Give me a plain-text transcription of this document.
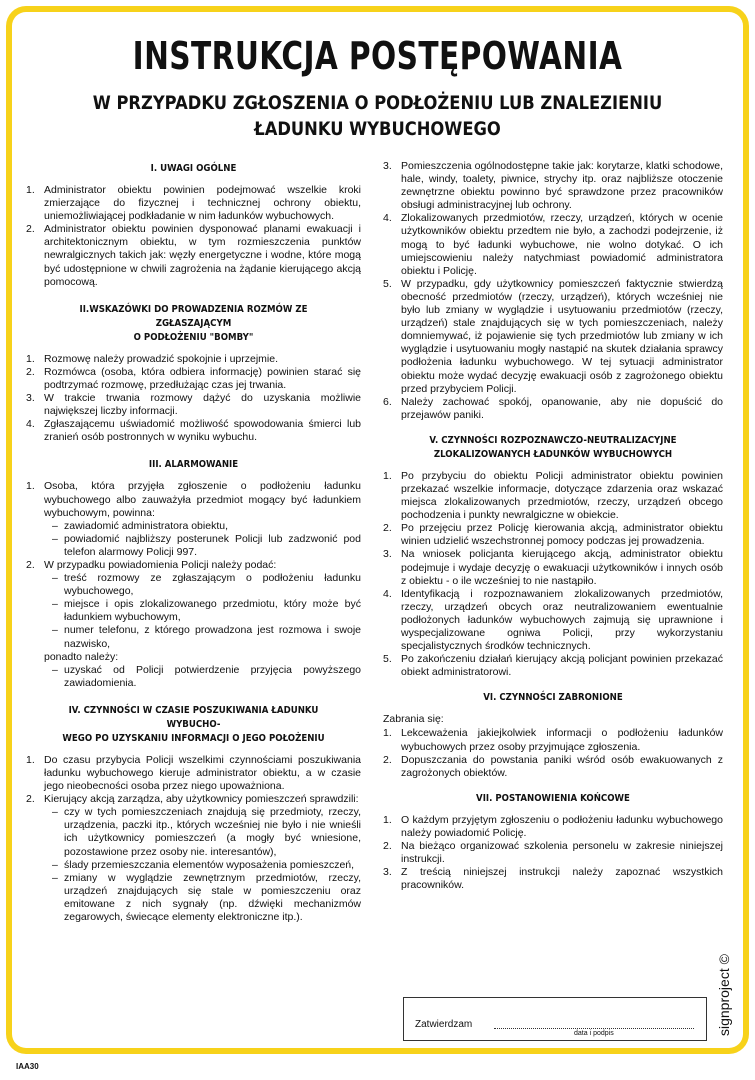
INSTRUKCJA POSTĘPOWANIA
W PRZYPADKU ZGŁOSZENIA O PODŁOŻENIU LUB ZNALEZIENIU
ŁADUNKU WYBUCHOWEGO
I. UWAGI OGÓLNE
1. Administrator obiektu powinien podejmować wszelkie kroki zmierzające do fizycznej i technicznej ochrony obiektu, uniemożliwiającej podkładanie w nim ładunków wybuchowych.
2. Administrator obiektu powinien dysponować planami ewakuacji i architektonicznym obiektu, w tym rozmieszczenia punktów newralgicznych takich jak: węzły energetyczne i wodne, które mogą być udostępnione w chwili zagrożenia na żądanie kierującego akcją pomocową.
II.WSKAZÓWKI DO PROWADZENIA ROZMÓW ZE ZGŁASZAJĄCYM
O PODŁOŻENIU "BOMBY"
1. Rozmowę należy prowadzić spokojnie i uprzejmie.
2. Rozmówca (osoba, która odbiera informację) powinien starać się podtrzymać rozmowę, przedłużając czas jej trwania.
3. W trakcie trwania rozmowy dążyć do uzyskania możliwie największej liczby informacji.
4. Zgłaszającemu uświadomić możliwość spowodowania śmierci lub zranień osób postronnych w wyniku wybuchu.
III. ALARMOWANIE
1. Osoba, która przyjęła zgłoszenie o podłożeniu ładunku wybuchowego albo zauważyła przedmiot mogący być ładunkiem wybuchowym, powinna:
– zawiadomić administratora obiektu,
– powiadomić najbliższy posterunek Policji lub zadzwonić pod telefon alarmowy Policji 997.
2. W przypadku powiadomienia Policji należy podać:
– treść rozmowy ze zgłaszającym o podłożeniu ładunku wybuchowego,
– miejsce i opis zlokalizowanego przedmiotu, który może być ładunkiem wybuchowym,
– numer telefonu, z którego prowadzona jest rozmowa i swoje nazwisko,
ponadto należy:
– uzyskać od Policji potwierdzenie przyjęcia powyższego zawiadomienia.
IV. CZYNNOŚCI W CZASIE POSZUKIWANIA ŁADUNKU WYBUCHO-
WEGO PO UZYSKANIU INFORMACJI O JEGO POŁOŻENIU
1. Do czasu przybycia Policji wszelkimi czynnościami poszukiwania ładunku wybuchowego kieruje administrator obiektu, a w czasie jego nieobecności osoba przez niego upoważniona.
2. Kierujący akcją zarządza, aby użytkownicy pomieszczeń sprawdzili:
– czy w tych pomieszczeniach znajdują się przedmioty, rzeczy, urządzenia, paczki itp., których wcześniej nie było i nie wnieśli ich użytkownicy pomieszczeń (a mogły być wniesione, pozostawione przez osoby nie. interesantów),
– ślady przemieszczania elementów wyposażenia pomieszczeń,
– zmiany w wyglądzie zewnętrznym przedmiotów, rzeczy, urządzeń znajdujących się stale w pomieszczeniu oraz emitowane z nich sygnały (np. dźwięki mechanizmów zegarowych, świecące elementy elektroniczne itp.).
3. Pomieszczenia ogólnodostępne takie jak: korytarze, klatki schodowe, hale, windy, toalety, piwnice, strychy itp. oraz najbliższe otoczenie zewnętrzne obiektu powinno być sprawdzone przez pracowników obsługi administracyjnej lub ochrony.
4. Zlokalizowanych przedmiotów, rzeczy, urządzeń, których w ocenie użytkowników obiektu przedtem nie było, a zachodzi podejrzenie, iż mogą to być ładunki wybuchowe, nie wolno dotykać. O ich umiejscowieniu należy natychmiast powiadomić administratora obiektu i Policję.
5. W przypadku, gdy użytkownicy pomieszczeń faktycznie stwierdzą obecność przedmiotów (rzeczy, urządzeń), których wcześniej nie było lub zmiany w wyglądzie i usytuowaniu przedmiotów (rzeczy, urządzeń) stale znajdujących się w tych pomieszczeniach, należy domniemywać, iż pojawienie się tych przedmiotów lub zmiany w ich wyglądzie i usytuowaniu mogły nastąpić na skutek działania sprawcy podłożenia ładunku wybuchowego. W tej sytuacji administrator obiektu może wydać decyzję ewakuacji osób z zagrożonego obiektu przed przybyciem Policji.
6. Należy zachować spokój, opanowanie, aby nie dopuścić do przejawów paniki.
V. CZYNNOŚCI ROZPOZNAWCZO-NEUTRALIZACYJNE
ZLOKALIZOWANYCH ŁADUNKÓW WYBUCHOWYCH
1. Po przybyciu do obiektu Policji administrator obiektu powinien przekazać wszelkie informacje, dotyczące zdarzenia oraz wskazać miejsca zlokalizowanych przedmiotów, rzeczy, urządzeń obcego pochodzenia i punkty newralgiczne w obiekcie.
2. Po przejęciu przez Policję kierowania akcją, administrator obiektu winien udzielić wszechstronnej pomocy podczas jej prowadzenia.
3. Na wniosek policjanta kierującego akcją, administrator obiektu podejmuje i wydaje decyzję o ewakuacji użytkowników i innych osób z obiektu - o ile wcześniej to nie nastąpiło.
4. Identyfikacją i rozpoznawaniem zlokalizowanych przedmiotów, rzeczy, urządzeń obcych oraz neutralizowaniem ewentualnie podłożonych ładunków wybuchowych zajmują się uprawnione i wyspecjalizowane ogniwa Policji, przy wykorzystaniu specjalistycznych środków technicznych.
5. Po zakończeniu działań kierujący akcją policjant powinien przekazać obiekt administratorowi.
VI. CZYNNOŚCI ZABRONIONE
Zabrania się:
1. Lekceważenia jakiejkolwiek informacji o podłożeniu ładunków wybuchowych przez osoby przyjmujące zgłoszenia.
2. Dopuszczania do powstania paniki wśród osób ewakuowanych z zagrożonych obiektów.
VII. POSTANOWIENIA KOŃCOWE
1. O każdym przyjętym zgłoszeniu o podłożeniu ładunku wybuchowego należy powiadomić Policję.
2. Na bieżąco organizować szkolenia personelu w zakresie niniejszej instrukcji.
3. Z treścią niniejszej instrukcji należy zapoznać wszystkich pracowników.
Zatwierdzam
data i podpis	signproject ©
IAA30
